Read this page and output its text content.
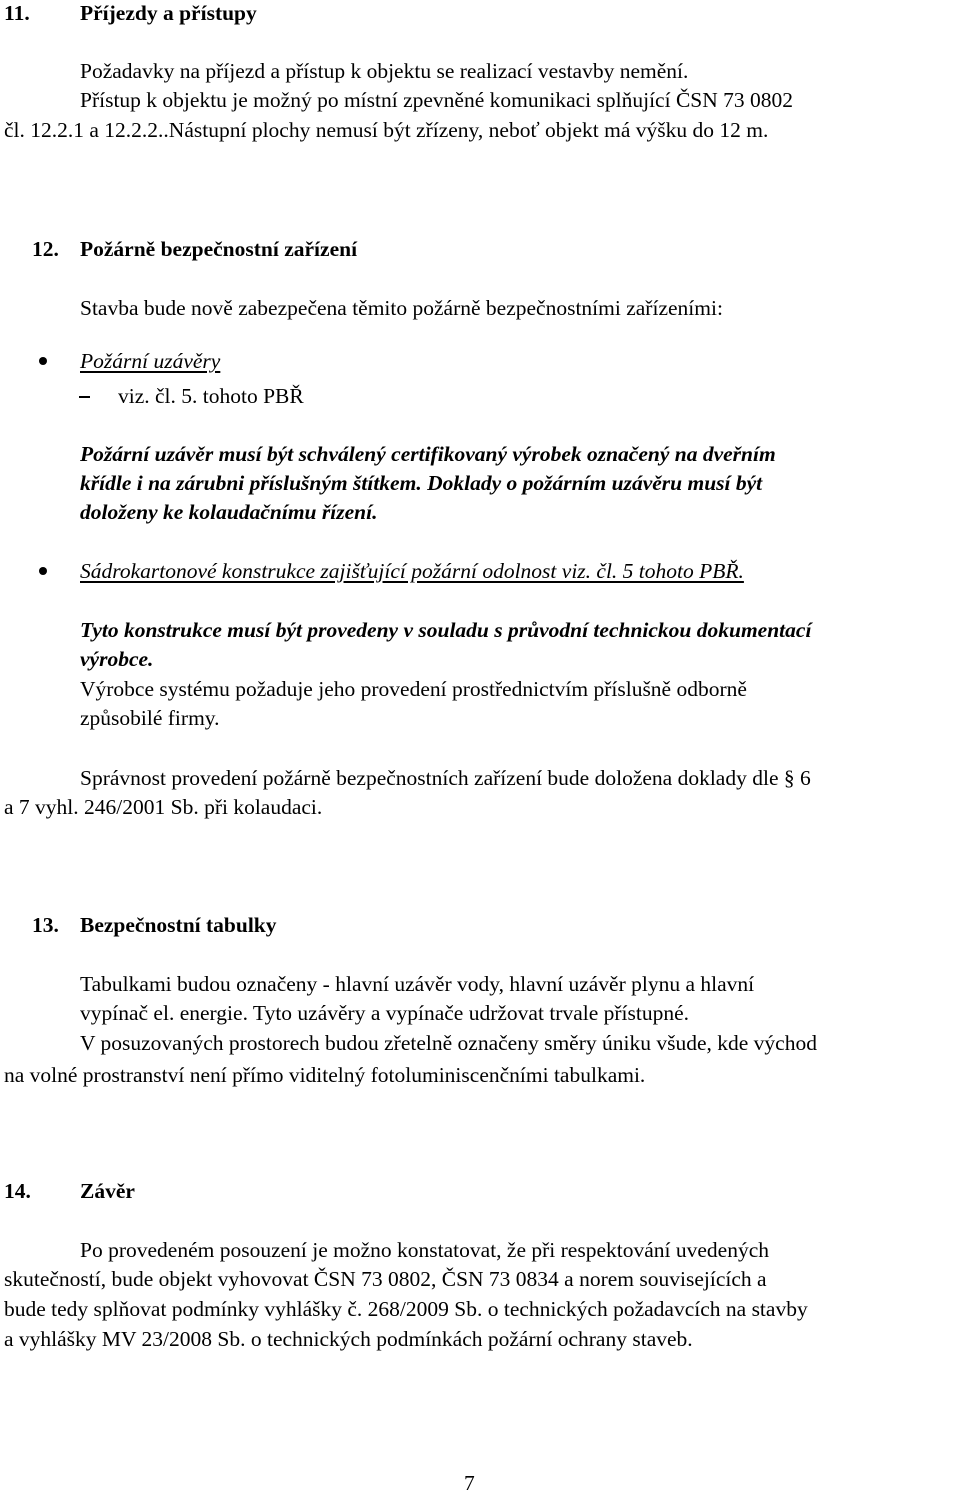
11. Příjezdy a přístupy
Požadavky na příjezd a přístup k objektu se realizací vestavby nemění.
Přístup k objektu je možný po místní zpevněné komunikaci splňující ČSN 73 0802
čl. 12.2.1 a 12.2.2..Nástupní plochy nemusí být zřízeny, neboť objekt má výšku do 12 m.
12. Požárně bezpečnostní zařízení
Stavba bude nově zabezpečena těmito požárně bezpečnostními zařízeními:
Požární uzávěry
viz. čl. 5. tohoto PBŘ
Požární uzávěr musí být schválený certifikovaný výrobek označený na dveřním
křídle i na zárubni příslušným štítkem. Doklady o požárním uzávěru musí být
doloženy ke kolaudačnímu řízení.
Sádrokartonové konstrukce zajišťující požární odolnost viz. čl. 5 tohoto PBŘ.
Tyto konstrukce musí být provedeny v souladu s průvodní technickou dokumentací
výrobce.
Výrobce systému požaduje jeho provedení prostřednictvím příslušně odborně
způsobilé firmy.
Správnost provedení požárně bezpečnostních zařízení bude doložena doklady dle § 6
a 7 vyhl. 246/2001 Sb. při kolaudaci.
13. Bezpečnostní tabulky
Tabulkami budou označeny - hlavní uzávěr vody, hlavní uzávěr plynu a hlavní
vypínač el. energie. Tyto uzávěry a vypínače udržovat trvale přístupné.
V posuzovaných prostorech budou zřetelně označeny směry úniku všude, kde východ
na volné prostranství není přímo viditelný fotoluminiscenčními tabulkami.
14. Závěr
Po provedeném posouzení je možno konstatovat, že při respektování uvedených
skutečností, bude objekt vyhovovat ČSN 73 0802, ČSN 73 0834 a norem souvisejících a
bude tedy splňovat podmínky vyhlášky č. 268/2009 Sb. o technických požadavcích na stavby
a vyhlášky MV 23/2008 Sb. o technických podmínkách požární ochrany staveb.
7
